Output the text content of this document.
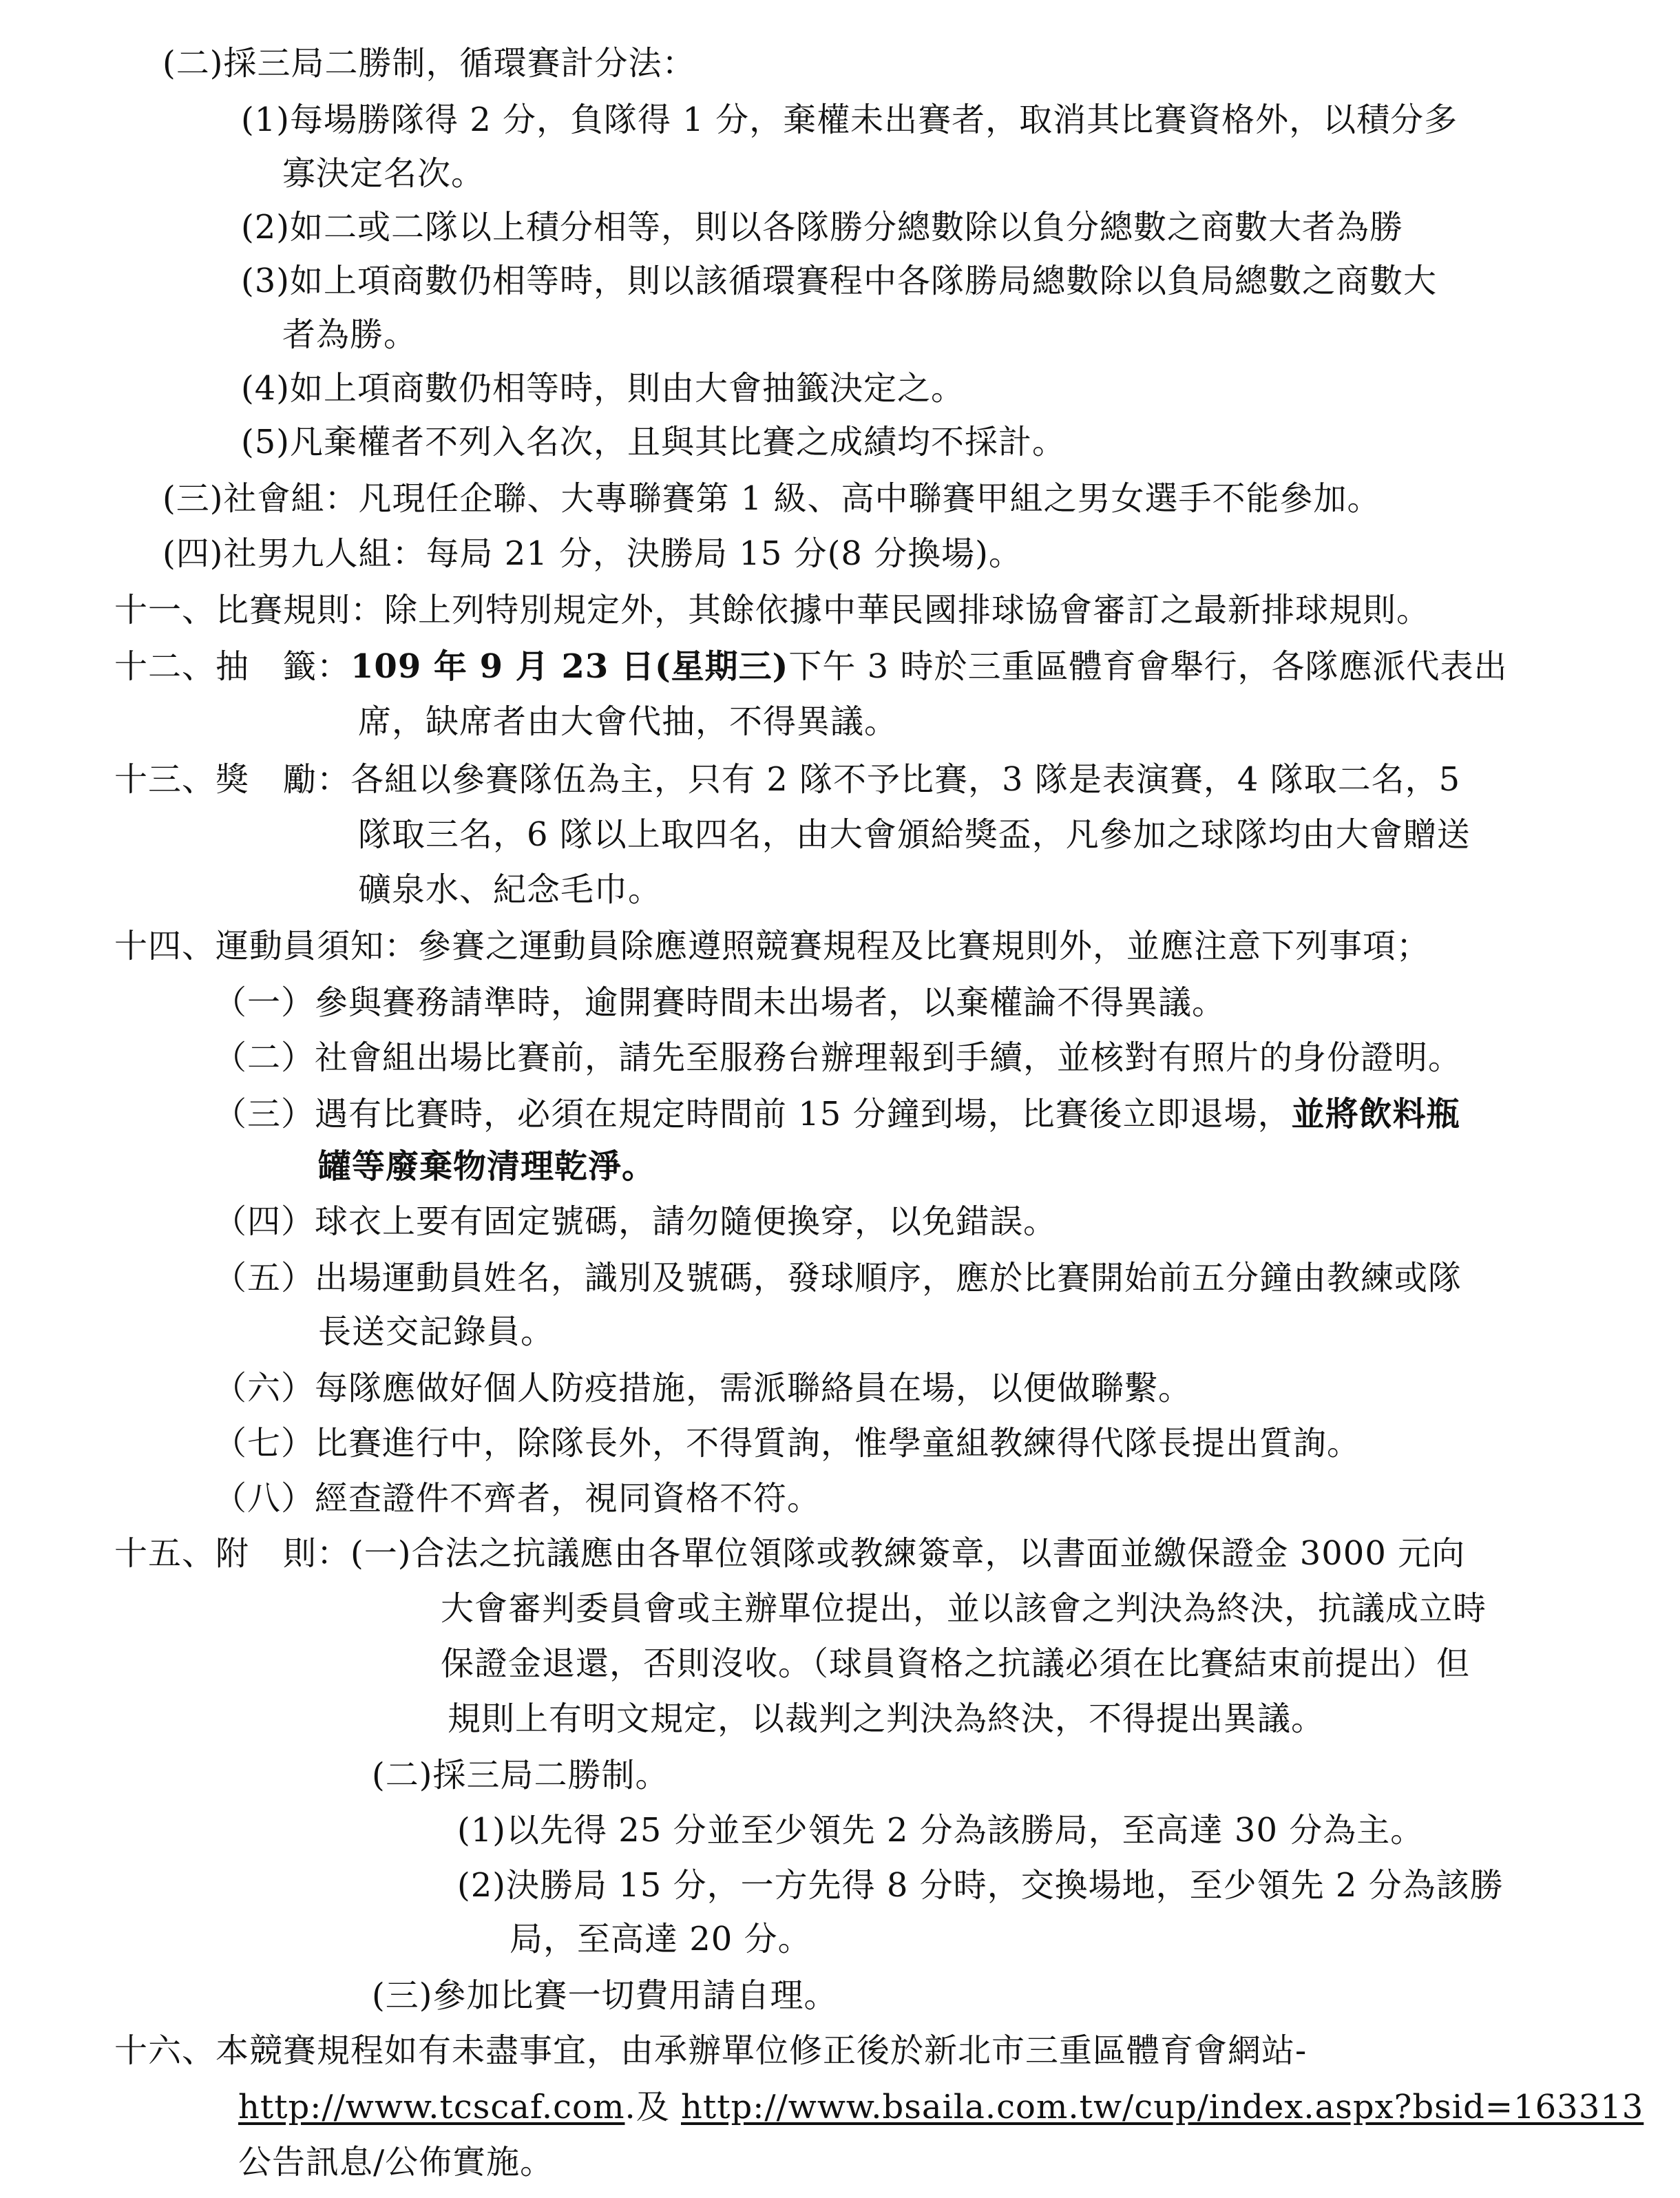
(二)採三局二勝制，循環賽計分法：
(1)每場勝隊得 2 分，負隊得 1 分，棄權未出賽者，取消其比賽資格外，以積分多
寡決定名次。
(2)如二或二隊以上積分相等，則以各隊勝分總數除以負分總數之商數大者為勝
(3)如上項商數仍相等時，則以該循環賽程中各隊勝局總數除以負局總數之商數大
者為勝。
(4)如上項商數仍相等時，則由大會抽籤決定之。
(5)凡棄權者不列入名次，且與其比賽之成績均不採計。
(三)社會組：凡現任企聯、大專聯賽第 1 級、高中聯賽甲組之男女選手不能參加。
(四)社男九人組：每局 21 分，決勝局 15 分(8 分換場)。
十一、比賽規則：除上列特別規定外，其餘依據中華民國排球協會審訂之最新排球規則。
十二、抽　籤：109 年 9 月 23 日(星期三)下午 3 時於三重區體育會舉行，各隊應派代表出
席，缺席者由大會代抽，不得異議。
十三、獎　勵：各組以參賽隊伍為主，只有 2 隊不予比賽，3 隊是表演賽，4 隊取二名，5
隊取三名，6 隊以上取四名，由大會頒給獎盃，凡參加之球隊均由大會贈送
礦泉水、紀念毛巾。
十四、運動員須知：參賽之運動員除應遵照競賽規程及比賽規則外，並應注意下列事項；
（一）參與賽務請準時，逾開賽時間未出場者，以棄權論不得異議。
（二）社會組出場比賽前，請先至服務台辦理報到手續，並核對有照片的身份證明。
（三）遇有比賽時，必須在規定時間前 15 分鐘到場，比賽後立即退場，並將飲料瓶
罐等廢棄物清理乾淨。
（四）球衣上要有固定號碼，請勿隨便換穿，以免錯誤。
（五）出場運動員姓名，識別及號碼，發球順序，應於比賽開始前五分鐘由教練或隊
長送交記錄員。
（六）每隊應做好個人防疫措施，需派聯絡員在場，以便做聯繫。
（七）比賽進行中，除隊長外，不得質詢，惟學童組教練得代隊長提出質詢。
（八）經查證件不齊者，視同資格不符。
十五、附　則：(一)合法之抗議應由各單位領隊或教練簽章，以書面並繳保證金 3000 元向
大會審判委員會或主辦單位提出，並以該會之判決為終決，抗議成立時
保證金退還，否則沒收。（球員資格之抗議必須在比賽結束前提出）但
規則上有明文規定，以裁判之判決為終決，不得提出異議。
(二)採三局二勝制。
(1)以先得 25 分並至少領先 2 分為該勝局，至高達 30 分為主。
(2)決勝局 15 分，一方先得 8 分時，交換場地，至少領先 2 分為該勝
局，至高達 20 分。
(三)參加比賽一切費用請自理。
十六、本競賽規程如有未盡事宜，由承辦單位修正後於新北市三重區體育會網站-
http://www.tcscaf.com.及 http://www.bsaila.com.tw/cup/index.aspx?bsid=163313
公告訊息/公佈實施。
